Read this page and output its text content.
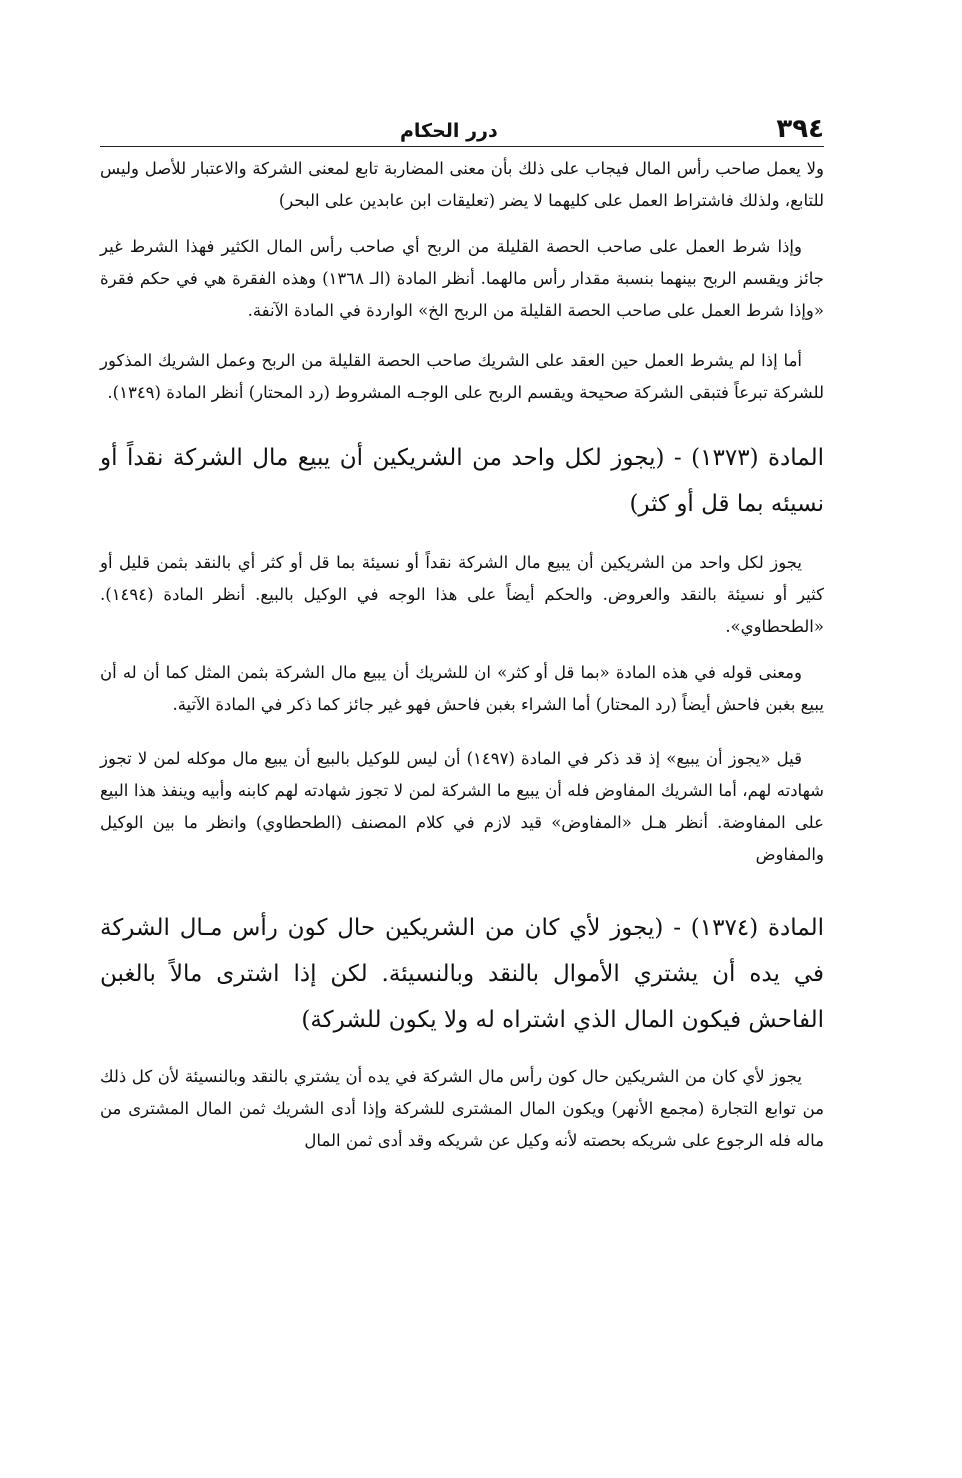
٣٩٤
درر الحكام

ولا يعمل صاحب رأس المال فيجاب على ذلك بأن معنى المضاربة تابع لمعنى الشركة والاعتبار للأصل وليس للتابع، ولذلك فاشتراط العمل على كليهما لا يضر (تعليقات ابن عابدين على البحر)

وإذا شرط العمل على صاحب الحصة القليلة من الربح أي صاحب رأس المال الكثير فهذا الشرط غير جائز ويقسم الربح بينهما بنسبة مقدار رأس مالهما. أنظر المادة (الـ ١٣٦٨) وهذه الفقرة هي في حكم فقرة «وإذا شرط العمل على صاحب الحصة القليلة من الربح الخ» الواردة في المادة الآنفة.

أما إذا لم يشرط العمل حين العقد على الشريك صاحب الحصة القليلة من الربح وعمل الشريك المذكور للشركة تبرعاً فتبقى الشركة صحيحة ويقسم الربح على الوجـه المشروط (رد المحتار) أنظر المادة (١٣٤٩).

المادة (١٣٧٣) - (يجوز لكل واحد من الشريكين أن يبيع مال الشركة نقداً أو نسيئه بما قل أو كثر)

يجوز لكل واحد من الشريكين أن يبيع مال الشركة نقداً أو نسيئة بما قل أو كثر أي بالنقد بثمن قليل أو كثير أو نسيئة بالنقد والعروض. والحكم أيضاً على هذا الوجه في الوكيل بالبيع. أنظر المادة (١٤٩٤). «الطحطاوي».

ومعنى قوله في هذه المادة «بما قل أو كثر» ان للشريك أن يبيع مال الشركة بثمن المثل كما أن له أن يبيع بغبن فاحش أيضاً (رد المحتار) أما الشراء بغبن فاحش فهو غير جائز كما ذكر في المادة الآتية.

قيل «يجوز أن يبيع» إذ قد ذكر في المادة (١٤٩٧) أن ليس للوكيل بالبيع أن يبيع مال موكله لمن لا تجوز شهادته لهم، أما الشريك المفاوض فله أن يبيع ما الشركة لمن لا تجوز شهادته لهم كابنه وأبيه وينفذ هذا البيع على المفاوضة. أنظر هـل «المفاوض» قيد لازم في كلام المصنف (الطحطاوي) وانظر ما بين الوكيل والمفاوض

المادة (١٣٧٤) - (يجوز لأي كان من الشريكين حال كون رأس مـال الشركة في يده أن يشتري الأموال بالنقد وبالنسيئة. لكن إذا اشترى مالاً بالغبن الفاحش فيكون المال الذي اشتراه له ولا يكون للشركة)

يجوز لأي كان من الشريكين حال كون رأس مال الشركة في يده أن يشتري بالنقد وبالنسيئة لأن كل ذلك من توابع التجارة (مجمع الأنهر) ويكون المال المشترى للشركة وإذا أدى الشريك ثمن المال المشترى من ماله فله الرجوع على شريكه بحصته لأنه وكيل عن شريكه وقد أدى ثمن المال
